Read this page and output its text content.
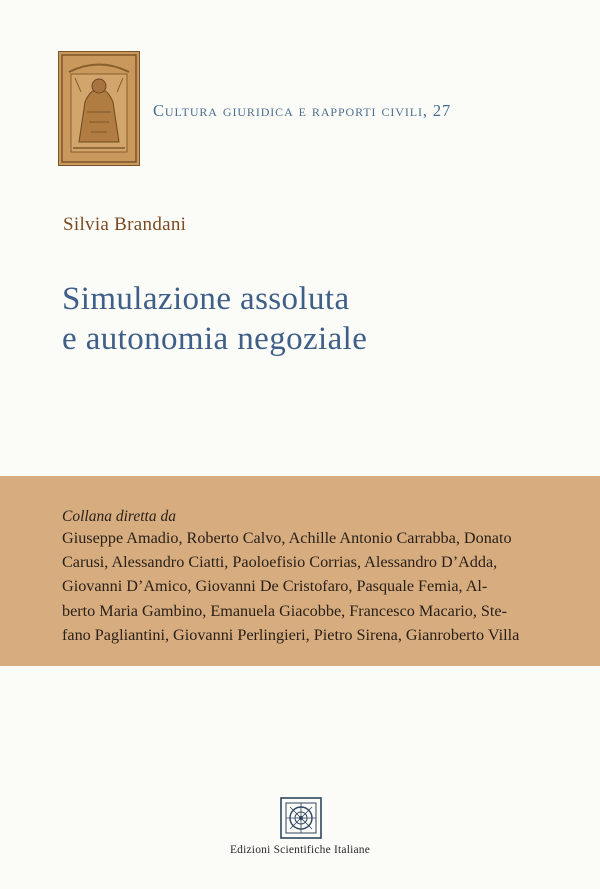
Cultura giuridica e rapporti civili, 27
Silvia Brandani
Simulazione assoluta
e autonomia negoziale
Collana diretta da
Giuseppe Amadio, Roberto Calvo, Achille Antonio Carrabba, Donato
Carusi, Alessandro Ciatti, Paoloefisio Corrias, Alessandro D’Adda,
Giovanni D’Amico, Giovanni De Cristofaro, Pasquale Femia, Al-
berto Maria Gambino, Emanuela Giacobbe, Francesco Macario, Ste-
fano Pagliantini, Giovanni Perlingieri, Pietro Sirena, Gianroberto Villa
Edizioni Scientifiche Italiane
